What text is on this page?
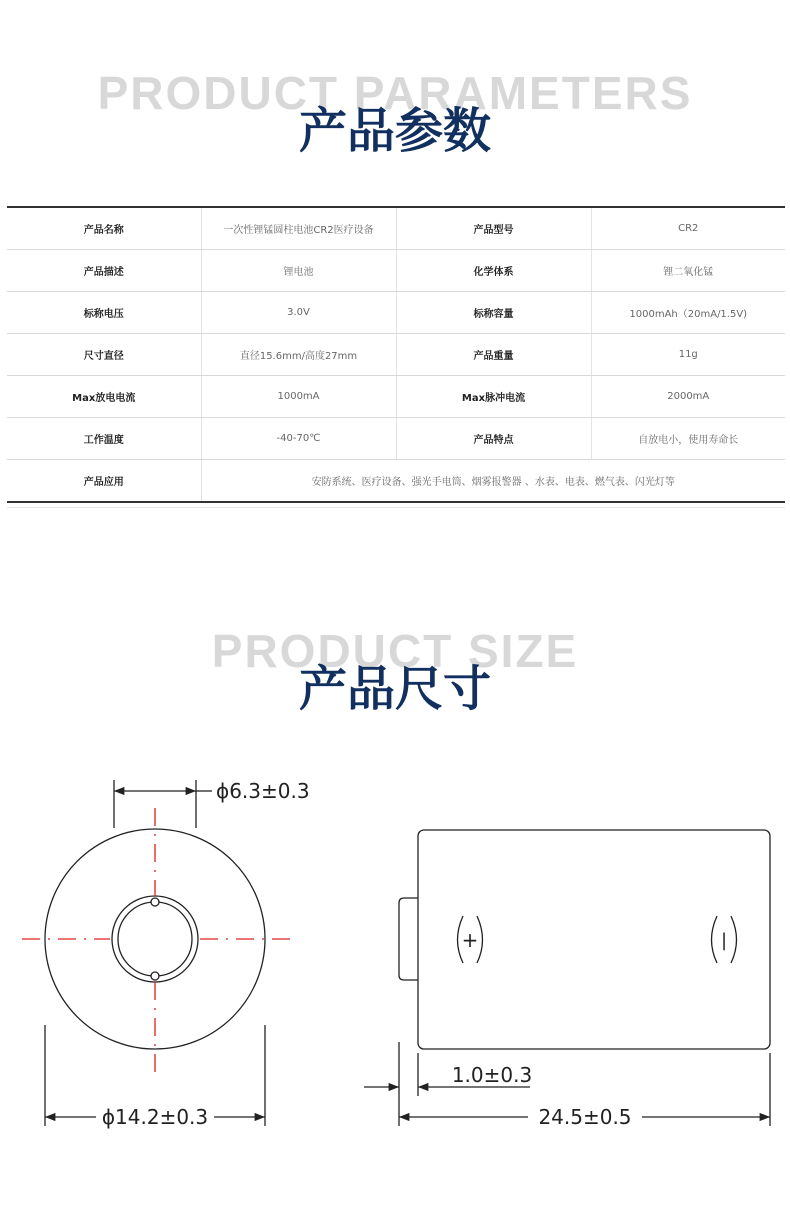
PRODUCT PARAMETERS
产品参数
产品名称	一次性锂锰圆柱电池CR2医疗设备	产品型号	CR2
产品描述	锂电池	化学体系	锂二氧化锰
标称电压	3.0V	标称容量	1000mAh（20mA/1.5V)
尺寸直径	直径15.6mm/高度27mm	产品重量	11g
Max放电电流	1000mA	Max脉冲电流	2000mA
工作温度	-40-70℃	产品特点	自放电小，使用寿命长
产品应用	安防系统、医疗设备、强光手电筒、烟雾报警器 、水表、电表、燃气表、闪光灯等		
PRODUCT SIZE
产品尺寸
ϕ6.3±0.3
ϕ14.2±0.3
+	|
1.0±0.3
24.5±0.5
